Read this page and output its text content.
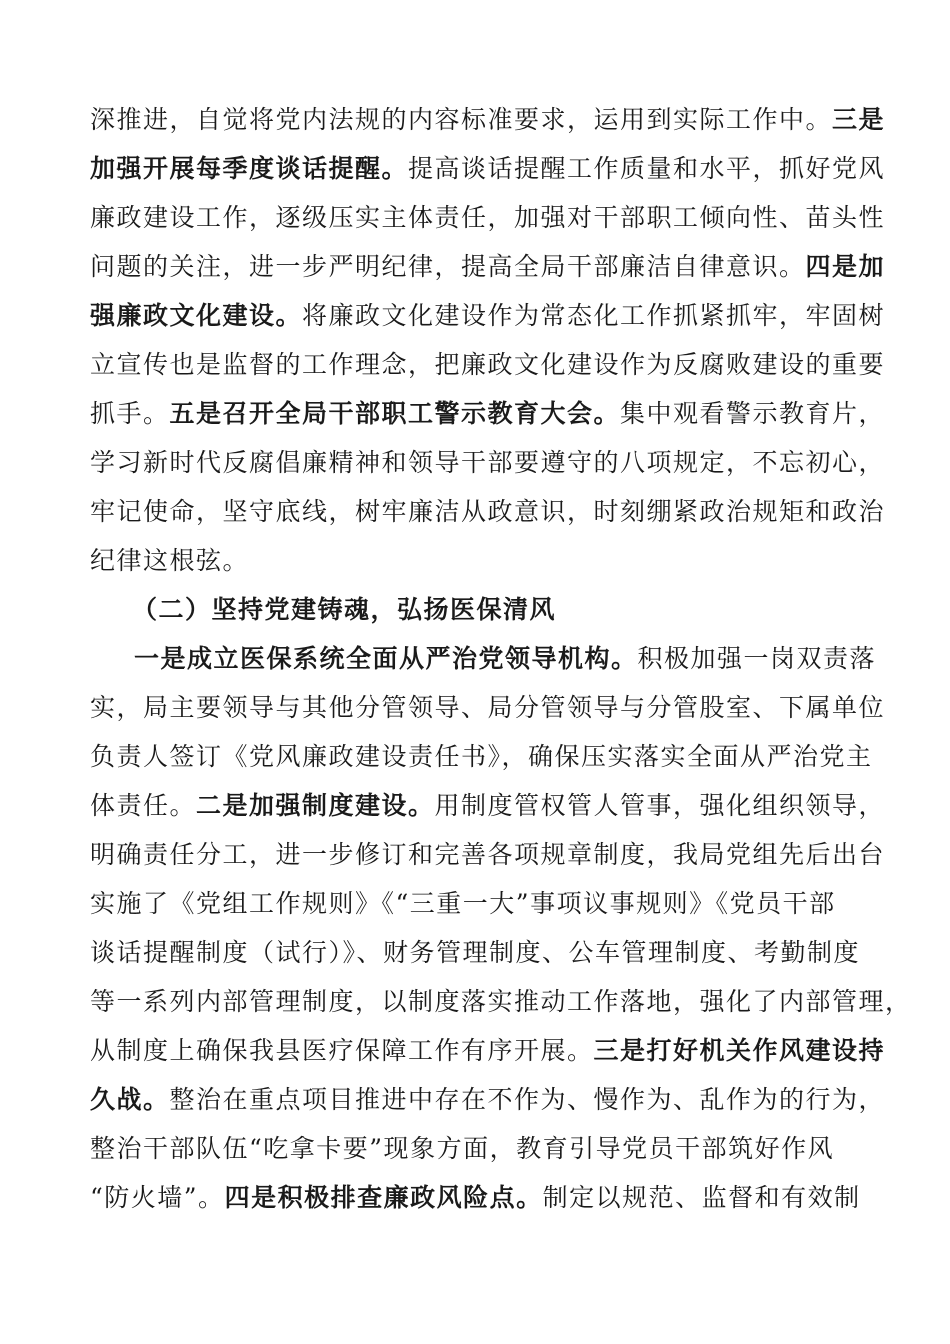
深推进，自觉将党内法规的内容标准要求，运用到实际工作中。三是
加强开展每季度谈话提醒。提高谈话提醒工作质量和水平，抓好党风
廉政建设工作，逐级压实主体责任，加强对干部职工倾向性、苗头性
问题的关注，进一步严明纪律，提高全局干部廉洁自律意识。四是加
强廉政文化建设。将廉政文化建设作为常态化工作抓紧抓牢，牢固树
立宣传也是监督的工作理念，把廉政文化建设作为反腐败建设的重要
抓手。五是召开全局干部职工警示教育大会。集中观看警示教育片，
学习新时代反腐倡廉精神和领导干部要遵守的八项规定，不忘初心，
牢记使命，坚守底线，树牢廉洁从政意识，时刻绷紧政治规矩和政治
纪律这根弦。
（二）坚持党建铸魂，弘扬医保清风
一是成立医保系统全面从严治党领导机构。积极加强一岗双责落
实，局主要领导与其他分管领导、局分管领导与分管股室、下属单位
负责人签订《党风廉政建设责任书》，确保压实落实全面从严治党主
体责任。二是加强制度建设。用制度管权管人管事，强化组织领导，
明确责任分工，进一步修订和完善各项规章制度，我局党组先后出台
实施了《党组工作规则》《“三重一大”事项议事规则》《党员干部
谈话提醒制度（试行）》、财务管理制度、公车管理制度、考勤制度
等一系列内部管理制度，以制度落实推动工作落地，强化了内部管理，
从制度上确保我县医疗保障工作有序开展。三是打好机关作风建设持
久战。整治在重点项目推进中存在不作为、慢作为、乱作为的行为，
整治干部队伍“吃拿卡要”现象方面，教育引导党员干部筑好作风
“防火墙”。四是积极排查廉政风险点。制定以规范、监督和有效制
